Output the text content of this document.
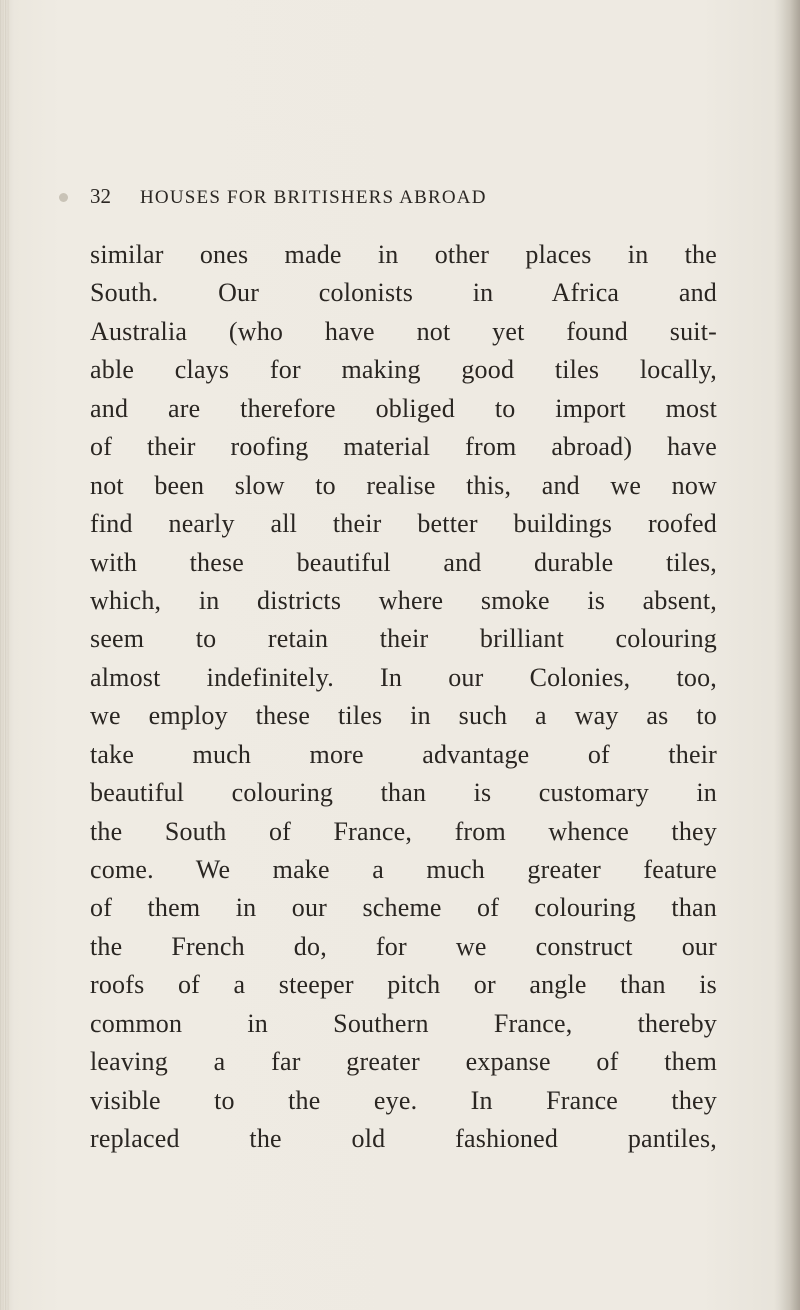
32 HOUSES FOR BRITISHERS ABROAD
similar ones made in other places in the
South. Our colonists in Africa and
Australia (who have not yet found suit-
able clays for making good tiles locally,
and are therefore obliged to import most
of their roofing material from abroad) have
not been slow to realise this, and we now
find nearly all their better buildings roofed
with these beautiful and durable tiles,
which, in districts where smoke is absent,
seem to retain their brilliant colouring
almost indefinitely. In our Colonies, too,
we employ these tiles in such a way as to
take much more advantage of their
beautiful colouring than is customary in
the South of France, from whence they
come. We make a much greater feature
of them in our scheme of colouring than
the French do, for we construct our
roofs of a steeper pitch or angle than is
common in Southern France, thereby
leaving a far greater expanse of them
visible to the eye. In France they
replaced the old fashioned pantiles,
